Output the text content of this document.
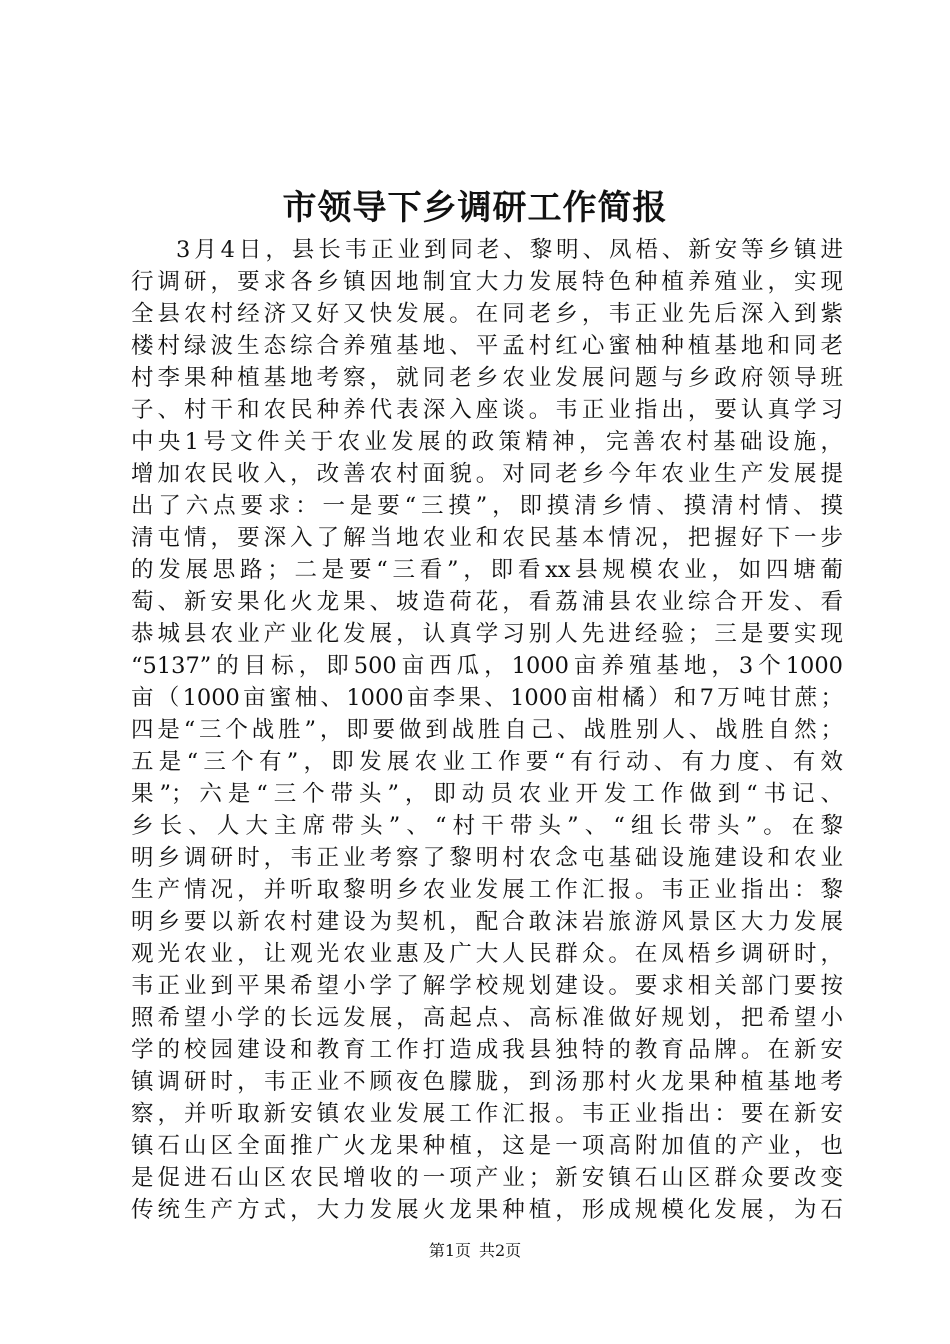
市领导下乡调研工作简报
3月4日，县长韦正业到同老、黎明、凤梧、新安等乡镇进
行调研，要求各乡镇因地制宜大力发展特色种植养殖业，实现
全县农村经济又好又快发展。在同老乡，韦正业先后深入到紫
楼村绿波生态综合养殖基地、平孟村红心蜜柚种植基地和同老
村李果种植基地考察，就同老乡农业发展问题与乡政府领导班
子、村干和农民种养代表深入座谈。韦正业指出，要认真学习
中央1号文件关于农业发展的政策精神，完善农村基础设施，
增加农民收入，改善农村面貌。对同老乡今年农业生产发展提
出了六点要求：一是要“三摸”，即摸清乡情、摸清村情、摸
清屯情，要深入了解当地农业和农民基本情况，把握好下一步
的发展思路；二是要“三看”，即看xx县规模农业，如四塘葡
萄、新安果化火龙果、坡造荷花，看荔浦县农业综合开发、看
恭城县农业产业化发展，认真学习别人先进经验；三是要实现
“5137”的目标，即500亩西瓜，1000亩养殖基地，3个1000
亩（1000亩蜜柚、1000亩李果、1000亩柑橘）和7万吨甘蔗；
四是“三个战胜”，即要做到战胜自己、战胜别人、战胜自然；
五是“三个有”，即发展农业工作要“有行动、有力度、有效
果”；六是“三个带头”，即动员农业开发工作做到“书记、
乡长、人大主席带头”、“村干带头”、“组长带头”。在黎
明乡调研时，韦正业考察了黎明村农念屯基础设施建设和农业
生产情况，并听取黎明乡农业发展工作汇报。韦正业指出：黎
明乡要以新农村建设为契机，配合敢沫岩旅游风景区大力发展
观光农业，让观光农业惠及广大人民群众。在凤梧乡调研时，
韦正业到平果希望小学了解学校规划建设。要求相关部门要按
照希望小学的长远发展，高起点、高标准做好规划，把希望小
学的校园建设和教育工作打造成我县独特的教育品牌。在新安
镇调研时，韦正业不顾夜色朦胧，到汤那村火龙果种植基地考
察，并听取新安镇农业发展工作汇报。韦正业指出：要在新安
镇石山区全面推广火龙果种植，这是一项高附加值的产业，也
是促进石山区农民增收的一项产业；新安镇石山区群众要改变
传统生产方式，大力发展火龙果种植，形成规模化发展，为石
第1页 共2页
